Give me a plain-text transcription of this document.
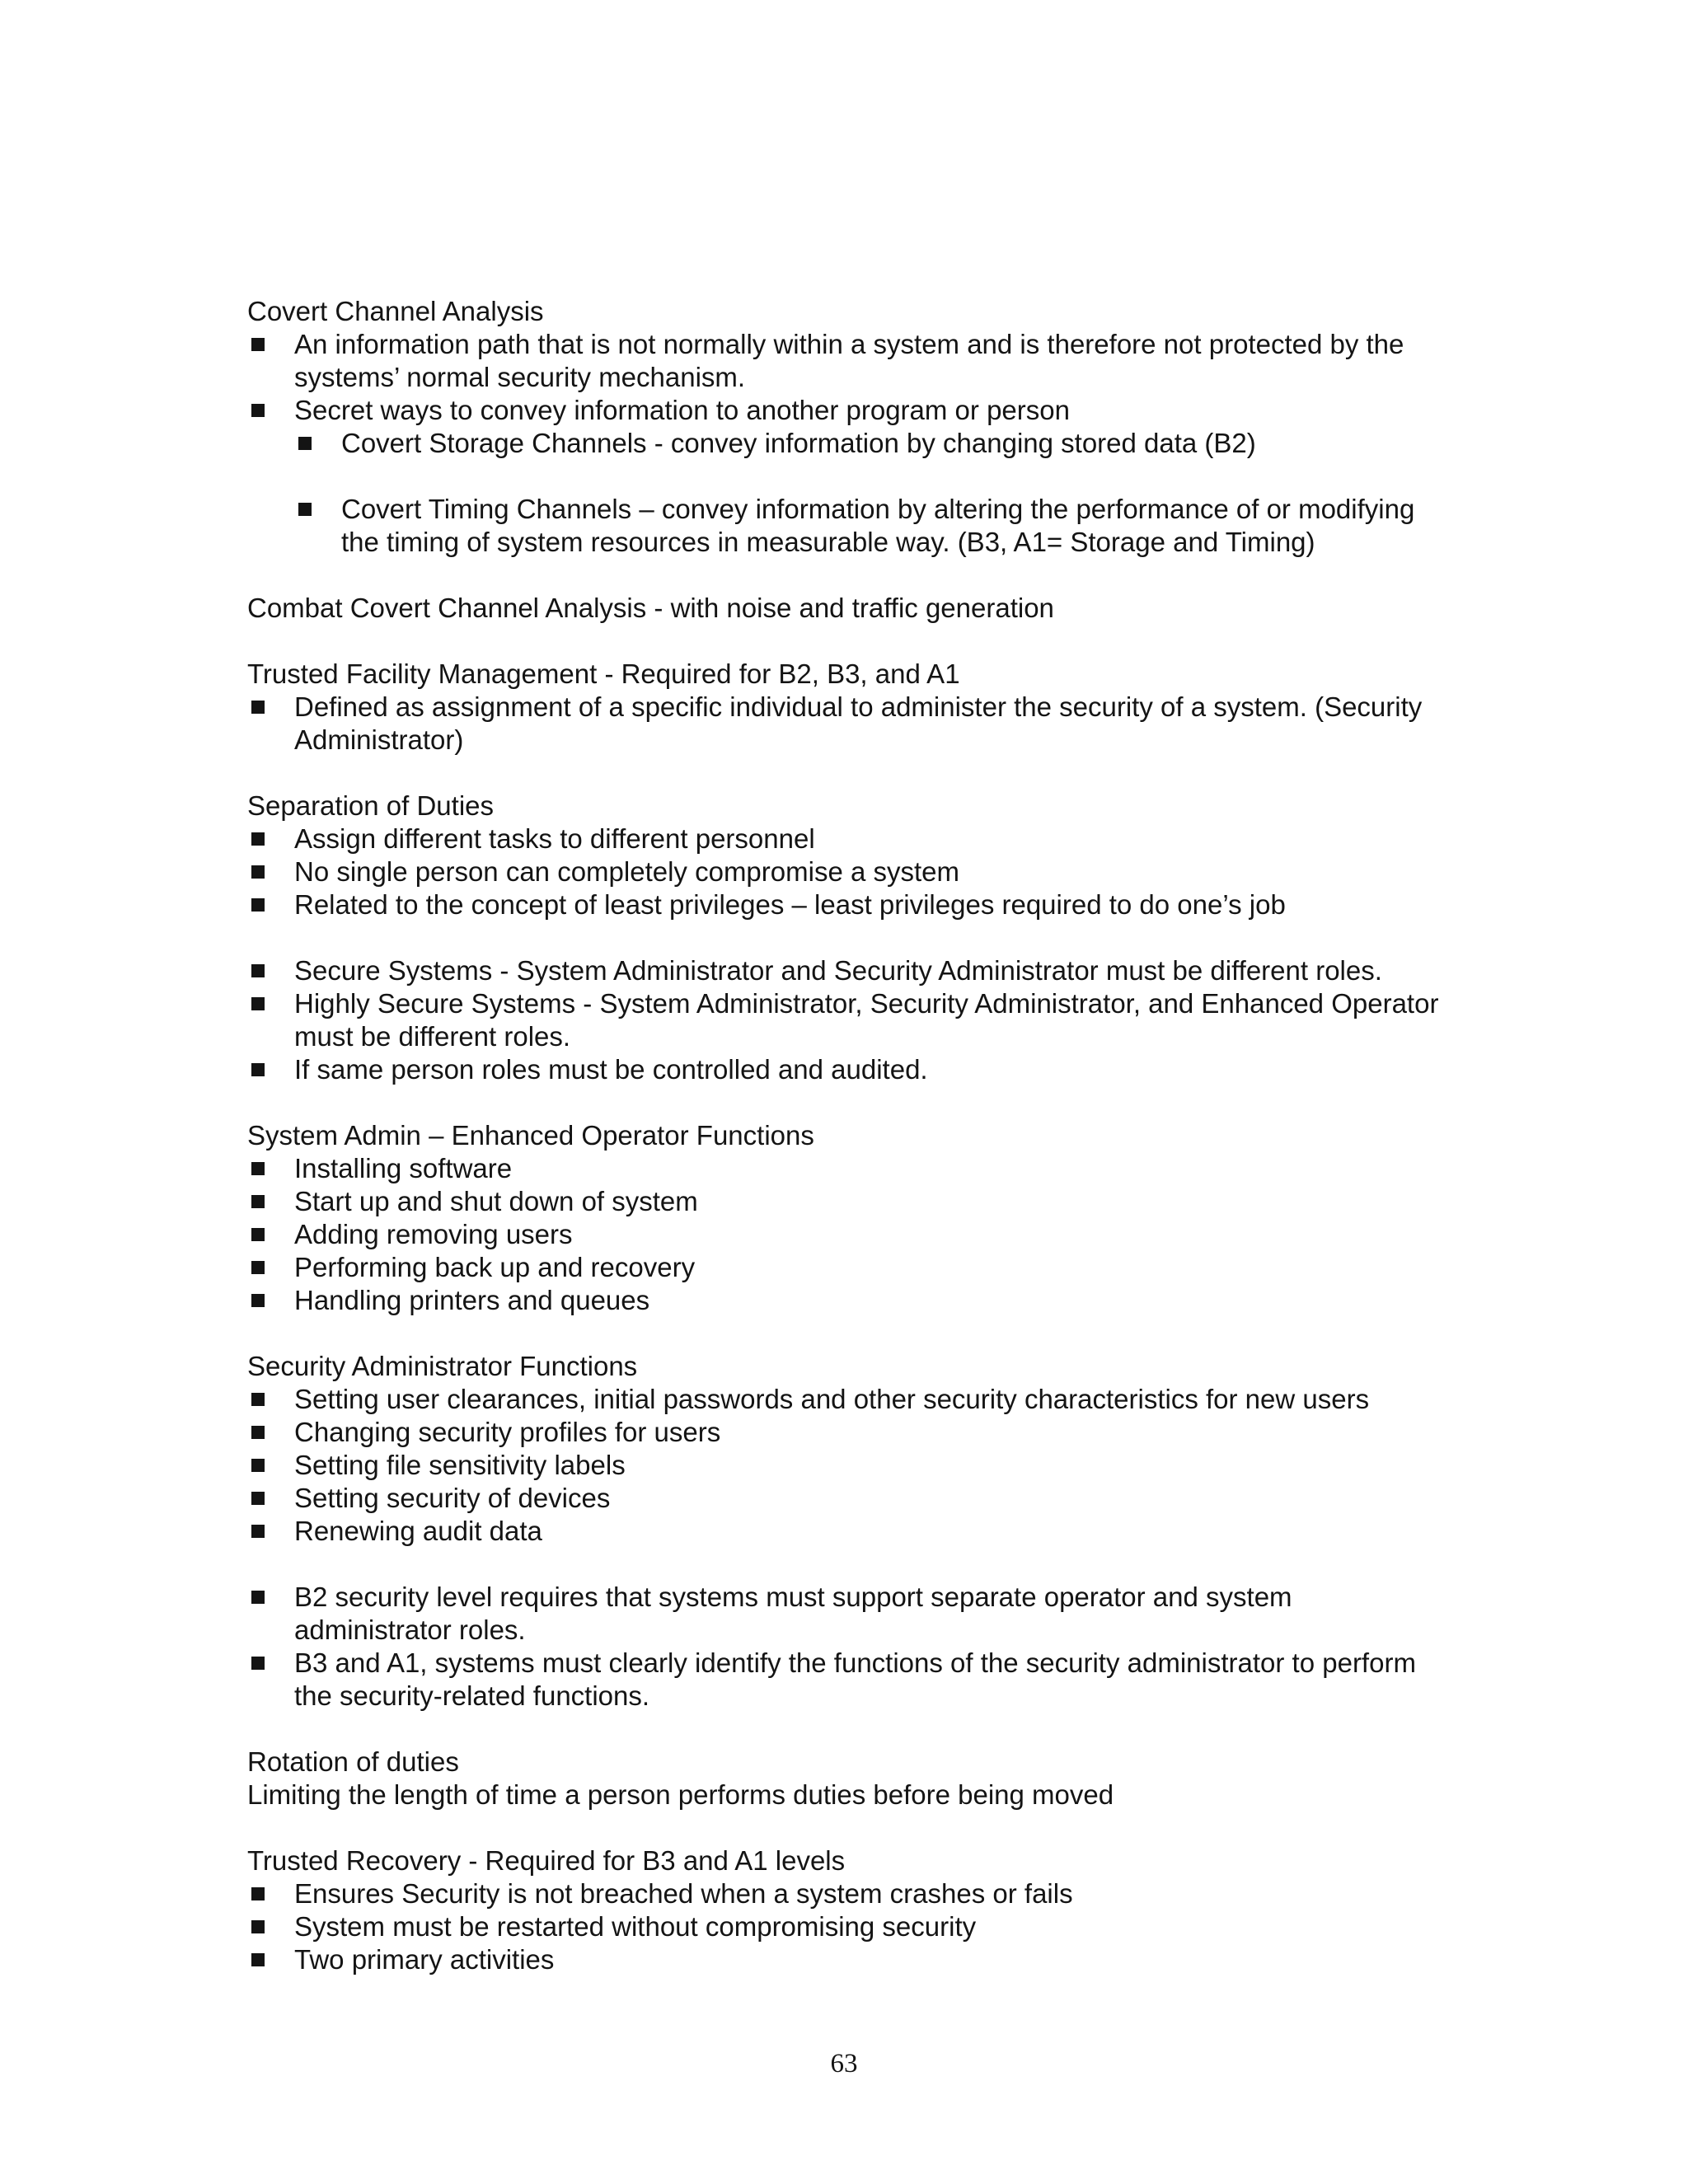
Covert Channel Analysis
An information path that is not normally within a system and is therefore not protected by the systems’ normal security mechanism.
Secret ways to convey information to another program or person
Covert Storage Channels - convey information by changing stored data (B2)
Covert Timing Channels – convey information by altering the performance of or modifying the timing of system resources in measurable way. (B3, A1= Storage and Timing)
Combat Covert Channel Analysis - with noise and traffic generation
Trusted Facility Management - Required for B2, B3, and A1
Defined as assignment of a specific individual to administer the security of a system. (Security Administrator)
Separation of Duties
Assign different tasks to different personnel
No single person can completely compromise a system
Related to the concept of least privileges – least privileges required to do one’s job
Secure Systems - System Administrator and Security Administrator must be different roles.
Highly Secure Systems - System Administrator, Security Administrator, and Enhanced Operator must be different roles.
If same person roles must be controlled and audited.
System Admin – Enhanced Operator Functions
Installing software
Start up and shut down of system
Adding removing users
Performing back up and recovery
Handling printers and queues
Security Administrator Functions
Setting user clearances, initial passwords and other security characteristics for new users
Changing security profiles for users
Setting file sensitivity labels
Setting security of devices
Renewing audit data
B2 security level requires that systems must support separate operator and system administrator roles.
B3 and A1, systems must clearly identify the functions of the security administrator to perform the security-related functions.
Rotation of duties
Limiting the length of time a person performs duties before being moved
Trusted Recovery - Required for B3 and A1 levels
Ensures Security is not breached when a system crashes or fails
System must be restarted without compromising security
Two primary activities
63
